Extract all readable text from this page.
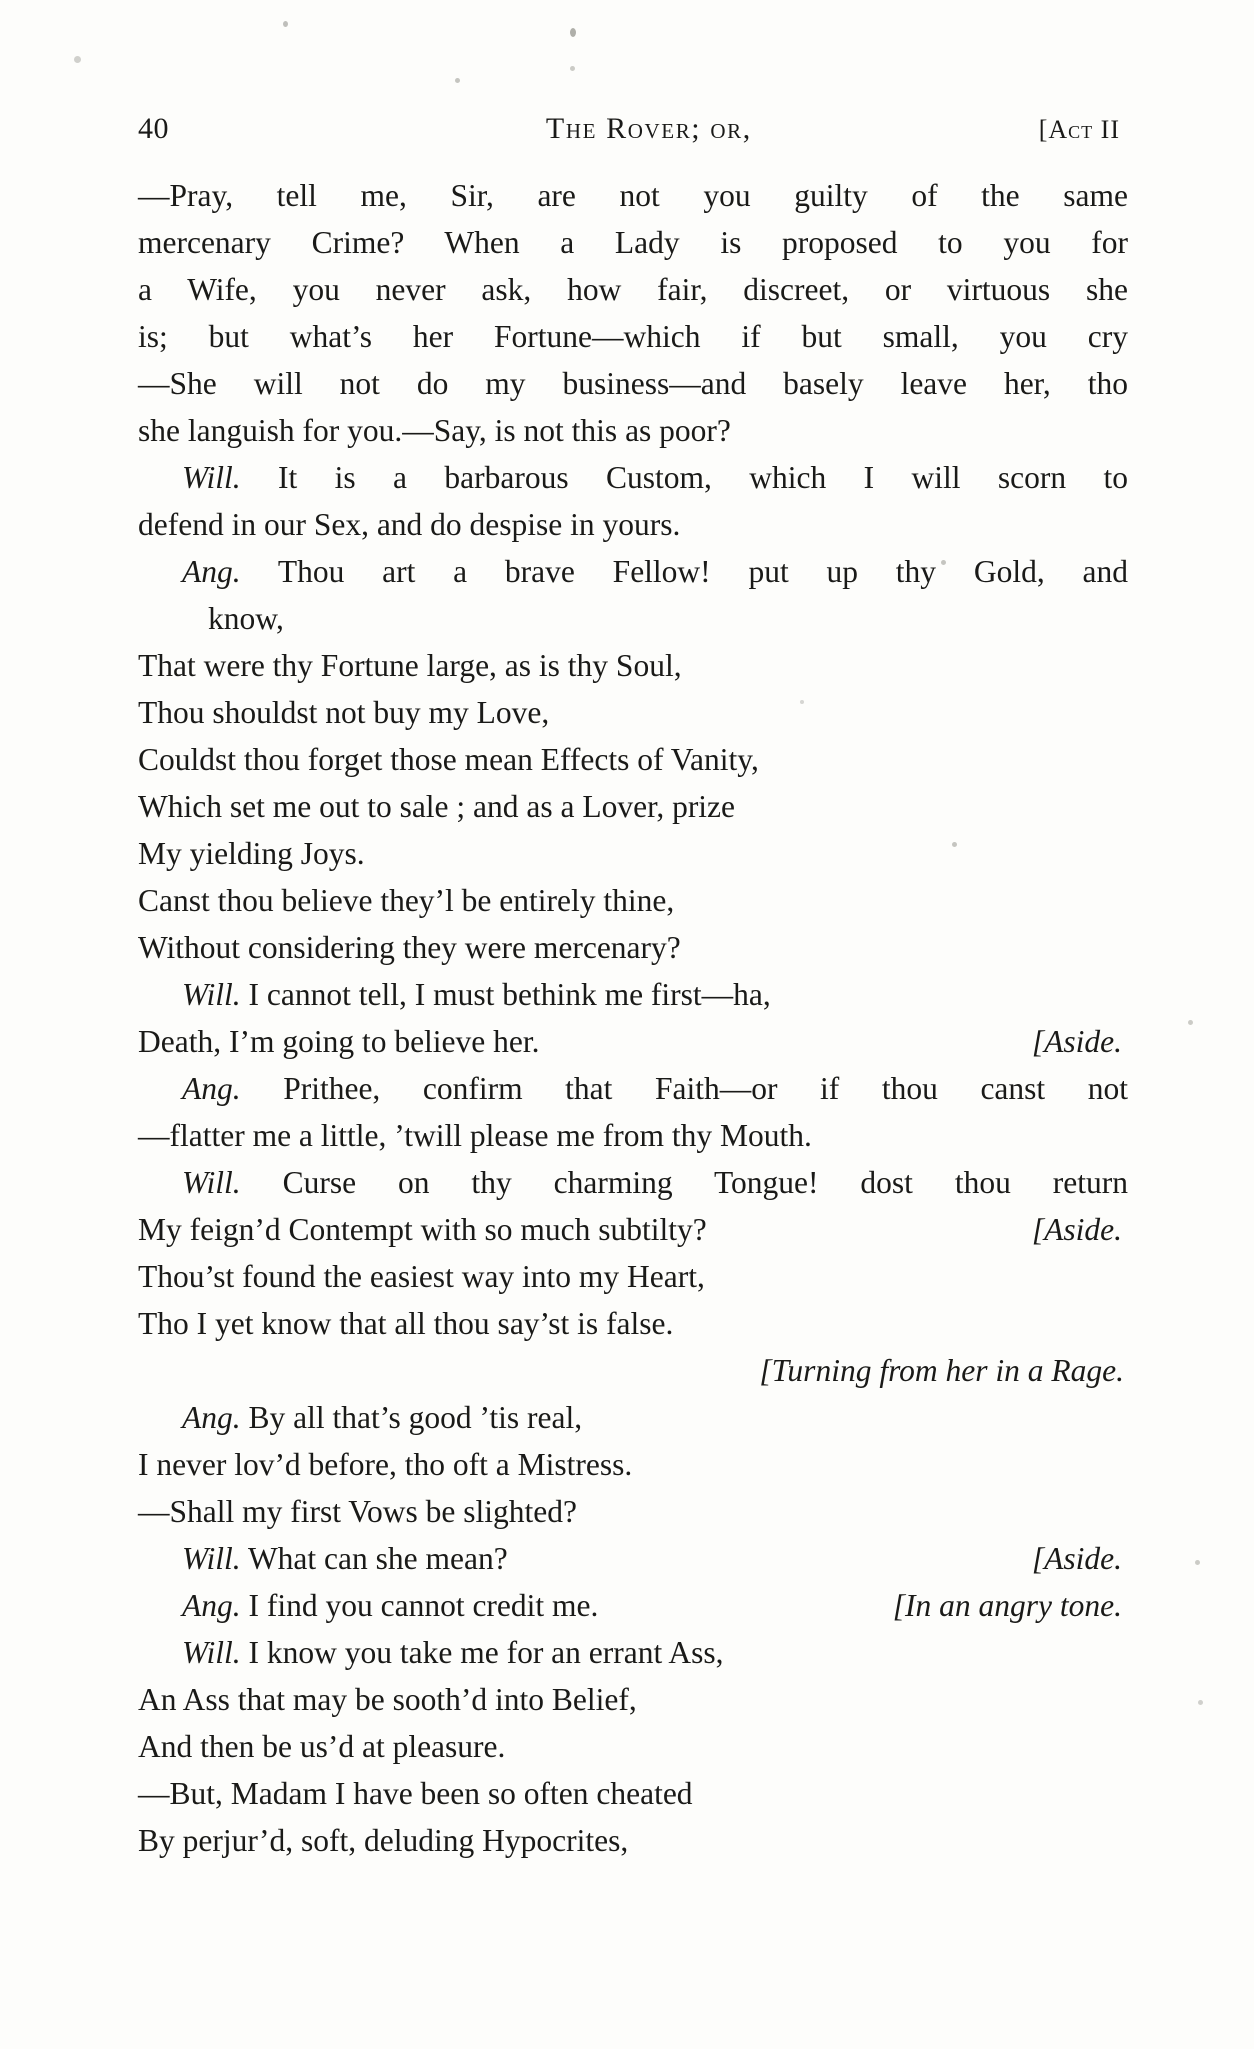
40	The Rover; or,	[Act II
—Pray, tell me, Sir, are not you guilty of the same
mercenary Crime? When a Lady is proposed to you for
a Wife, you never ask, how fair, discreet, or virtuous she
is; but what’s her Fortune—which if but small, you cry
—She will not do my business—and basely leave her, tho
she languish for you.—Say, is not this as poor?
Will. It is a barbarous Custom, which I will scorn to
defend in our Sex, and do despise in yours.
Ang. Thou art a brave Fellow! put up thy Gold, and
know,
That were thy Fortune large, as is thy Soul,
Thou shouldst not buy my Love,
Couldst thou forget those mean Effects of Vanity,
Which set me out to sale ; and as a Lover, prize
My yielding Joys.
Canst thou believe they’l be entirely thine,
Without considering they were mercenary?
Will. I cannot tell, I must bethink me first—ha,
Death, I’m going to believe her.	[Aside.
Ang. Prithee, confirm that Faith—or if thou canst not
—flatter me a little, ’twill please me from thy Mouth.
Will. Curse on thy charming Tongue! dost thou return
My feign’d Contempt with so much subtilty?	[Aside.
Thou’st found the easiest way into my Heart,
Tho I yet know that all thou say’st is false.
[Turning from her in a Rage.
Ang. By all that’s good ’tis real,
I never lov’d before, tho oft a Mistress.
—Shall my first Vows be slighted?
Will. What can she mean?	[Aside.
Ang. I find you cannot credit me.	[In an angry tone.
Will. I know you take me for an errant Ass,
An Ass that may be sooth’d into Belief,
And then be us’d at pleasure.
—But, Madam I have been so often cheated
By perjur’d, soft, deluding Hypocrites,
